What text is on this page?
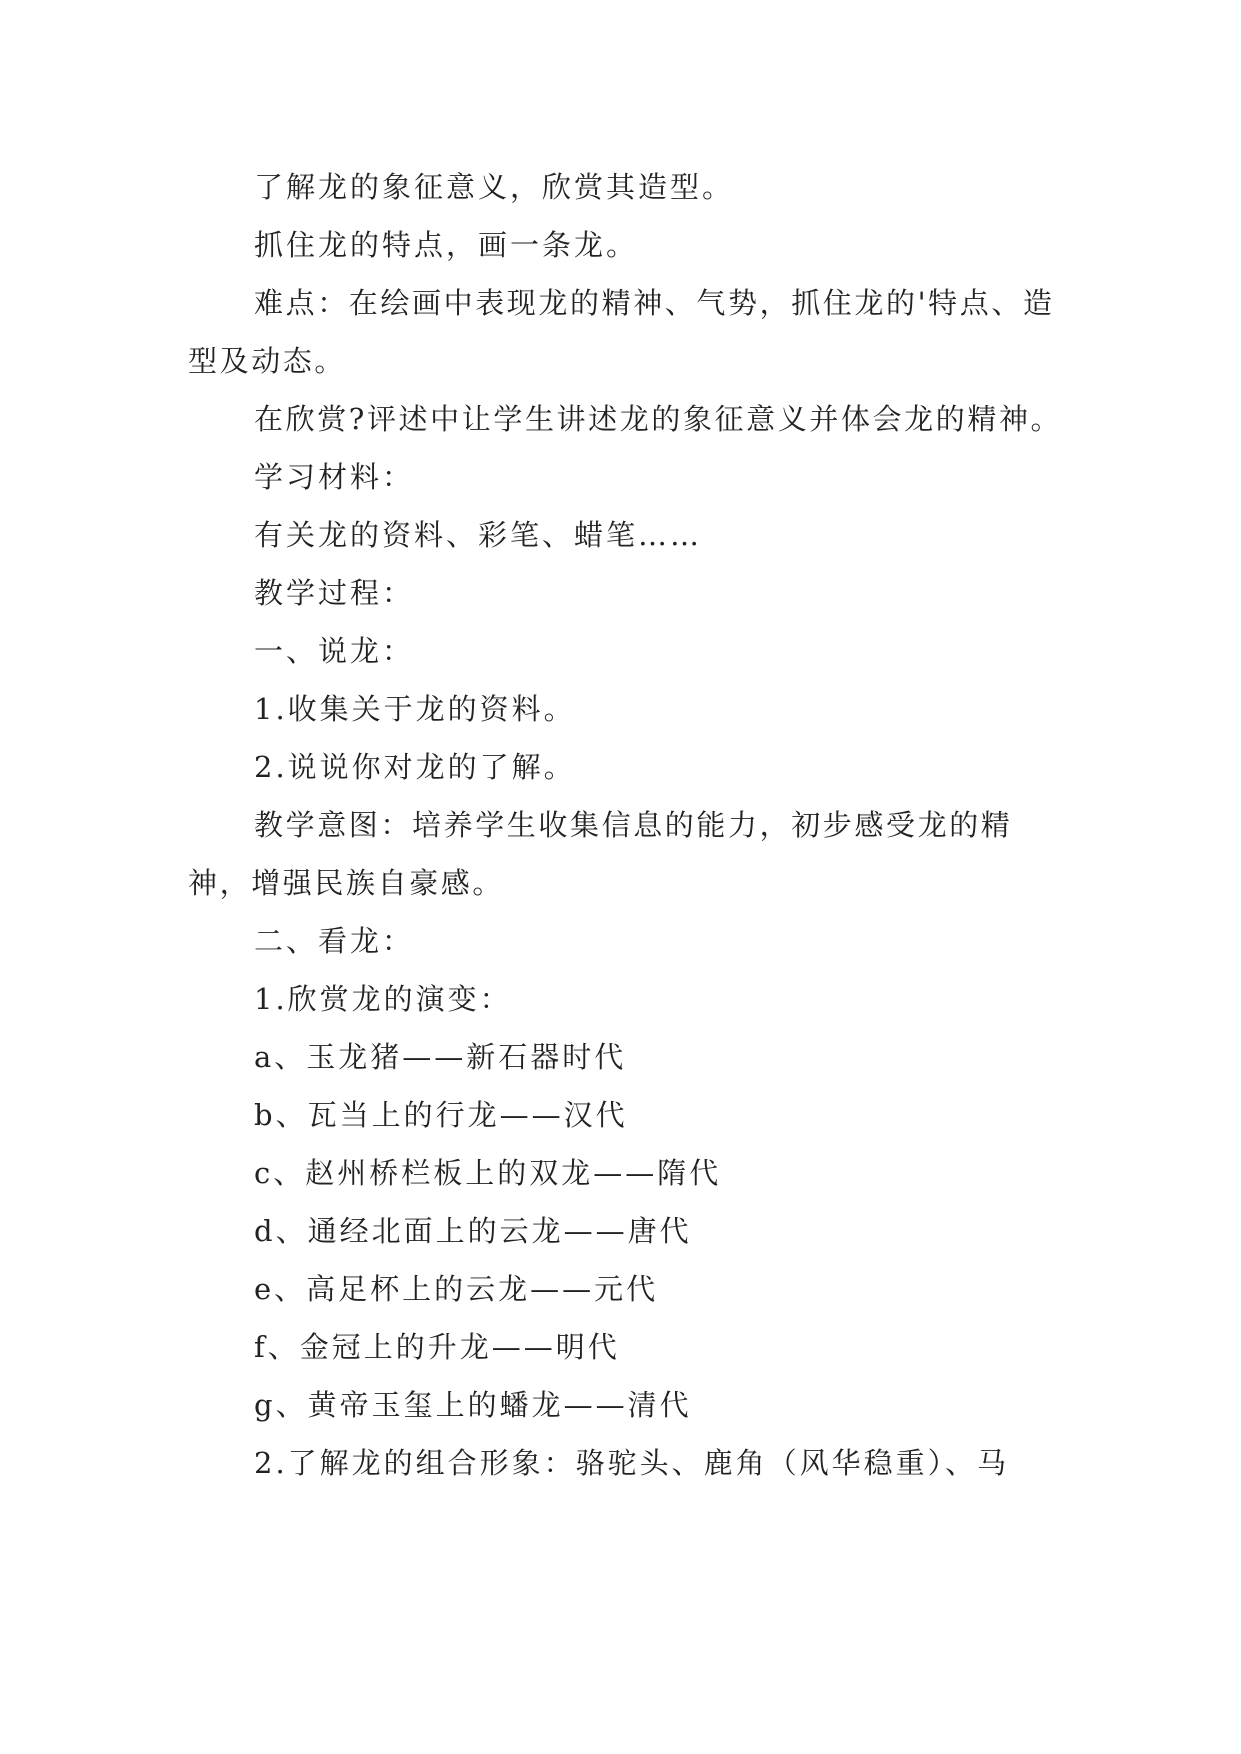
了解龙的象征意义，欣赏其造型。

抓住龙的特点，画一条龙。

难点：在绘画中表现龙的精神、气势，抓住龙的'特点、造型及动态。

在欣赏?评述中让学生讲述龙的象征意义并体会龙的精神。

学习材料：

有关龙的资料、彩笔、蜡笔……

教学过程：

一、说龙：

1.收集关于龙的资料。

2.说说你对龙的了解。

教学意图：培养学生收集信息的能力，初步感受龙的精神，增强民族自豪感。

二、看龙：

1.欣赏龙的演变：

a、玉龙猪——新石器时代

b、瓦当上的行龙——汉代

c、赵州桥栏板上的双龙——隋代

d、通经北面上的云龙——唐代

e、高足杯上的云龙——元代

f、金冠上的升龙——明代

g、黄帝玉玺上的蟠龙——清代

2.了解龙的组合形象：骆驼头、鹿角（风华稳重）、马
